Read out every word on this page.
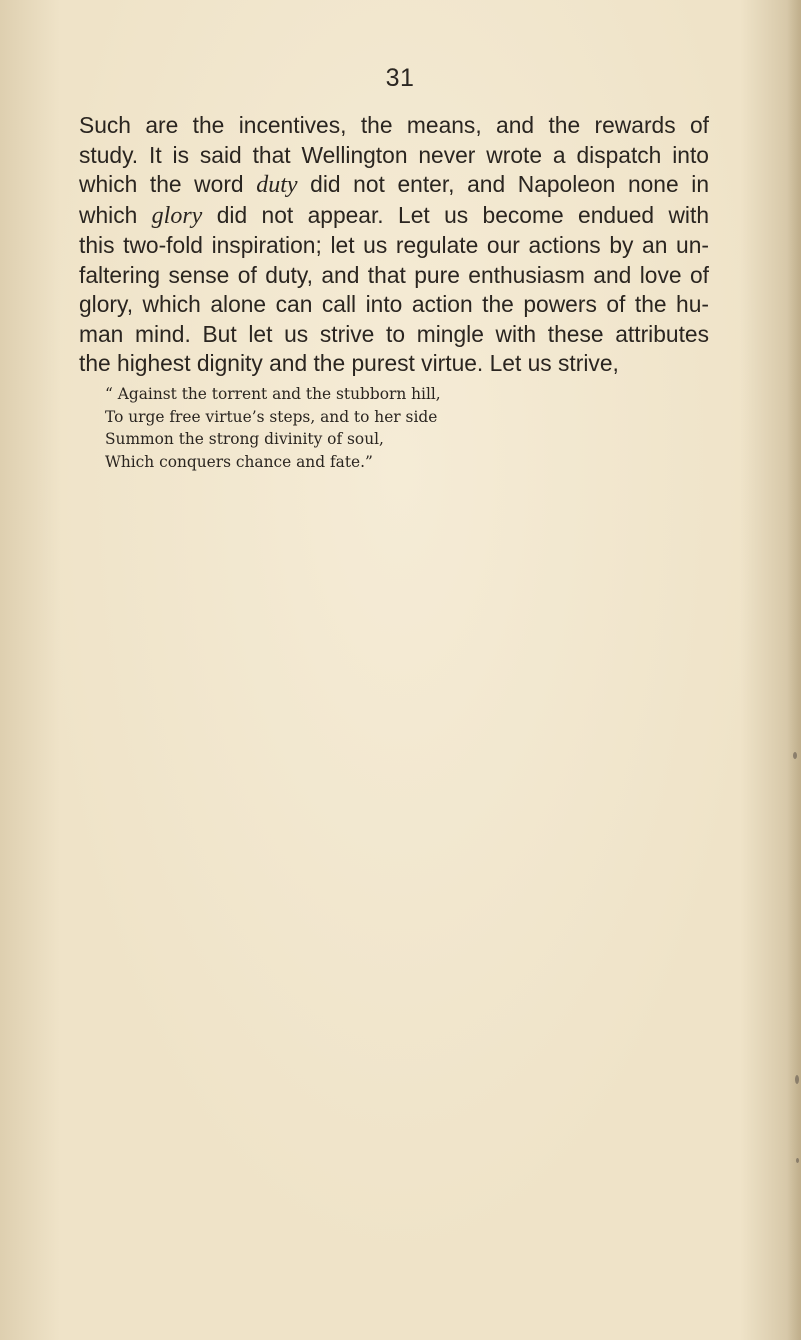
31
Such are the incentives, the means, and the rewards of
study. It is said that Wellington never wrote a dispatch into
which the word duty did not enter, and Napoleon none in
which glory did not appear. Let us become endued with
this two-fold inspiration; let us regulate our actions by an un-
faltering sense of duty, and that pure enthusiasm and love of
glory, which alone can call into action the powers of the hu-
man mind. But let us strive to mingle with these attributes
the highest dignity and the purest virtue. Let us strive,
“ Against the torrent and the stubborn hill,
To urge free virtue’s steps, and to her side
Summon the strong divinity of soul,
Which conquers chance and fate.”
